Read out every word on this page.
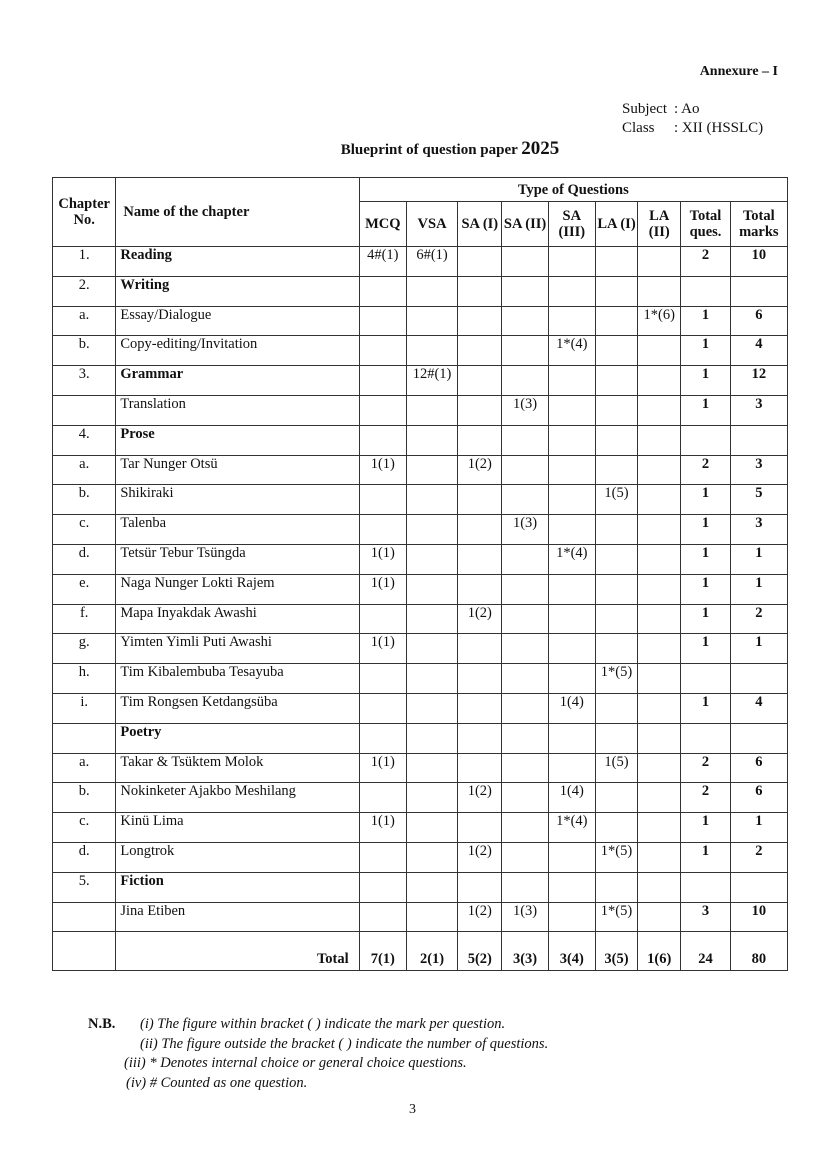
Annexure – I
Subject : Ao
Class : XII (HSSLC)
Blueprint of question paper 2025
Chapter No.	Name of the chapter	Type of Questions								
		MCQ	VSA	SA (I)	SA (II)	SA (III)	LA (I)	LA (II)	Total ques.	Total marks
1.	Reading	4#(1)	6#(1)						2	10
2.	Writing									
a.	Essay/Dialogue							1*(6)	1	6
b.	Copy-editing/Invitation					1*(4)			1	4
3.	Grammar		12#(1)						1	12
	Translation				1(3)				1	3
4.	Prose									
a.	Tar Nunger Otsü	1(1)		1(2)					2	3
b.	Shikiraki						1(5)		1	5
c.	Talenba				1(3)				1	3
d.	Tetsür Tebur Tsüngda	1(1)				1*(4)			1	1
e.	Naga Nunger Lokti Rajem	1(1)							1	1
f.	Mapa Inyakdak Awashi			1(2)					1	2
g.	Yimten Yimli Puti Awashi	1(1)							1	1
h.	Tim Kibalembuba Tesayuba						1*(5)			
i.	Tim Rongsen Ketdangsüba					1(4)			1	4
	Poetry									
a.	Takar & Tsüktem Molok	1(1)					1(5)		2	6
b.	Nokinketer Ajakbo Meshilang			1(2)		1(4)			2	6
c.	Kinü Lima	1(1)				1*(4)			1	1
d.	Longtrok			1(2)			1*(5)		1	2
5.	Fiction									
	Jina Etiben			1(2)	1(3)		1*(5)		3	10
	Total	7(1)	2(1)	5(2)	3(3)	3(4)	3(5)	1(6)	24	80
N.B. (i) The figure within bracket ( ) indicate the mark per question.
(ii) The figure outside the bracket ( ) indicate the number of questions.
(iii) * Denotes internal choice or general choice questions.
(iv) # Counted as one question.
3
